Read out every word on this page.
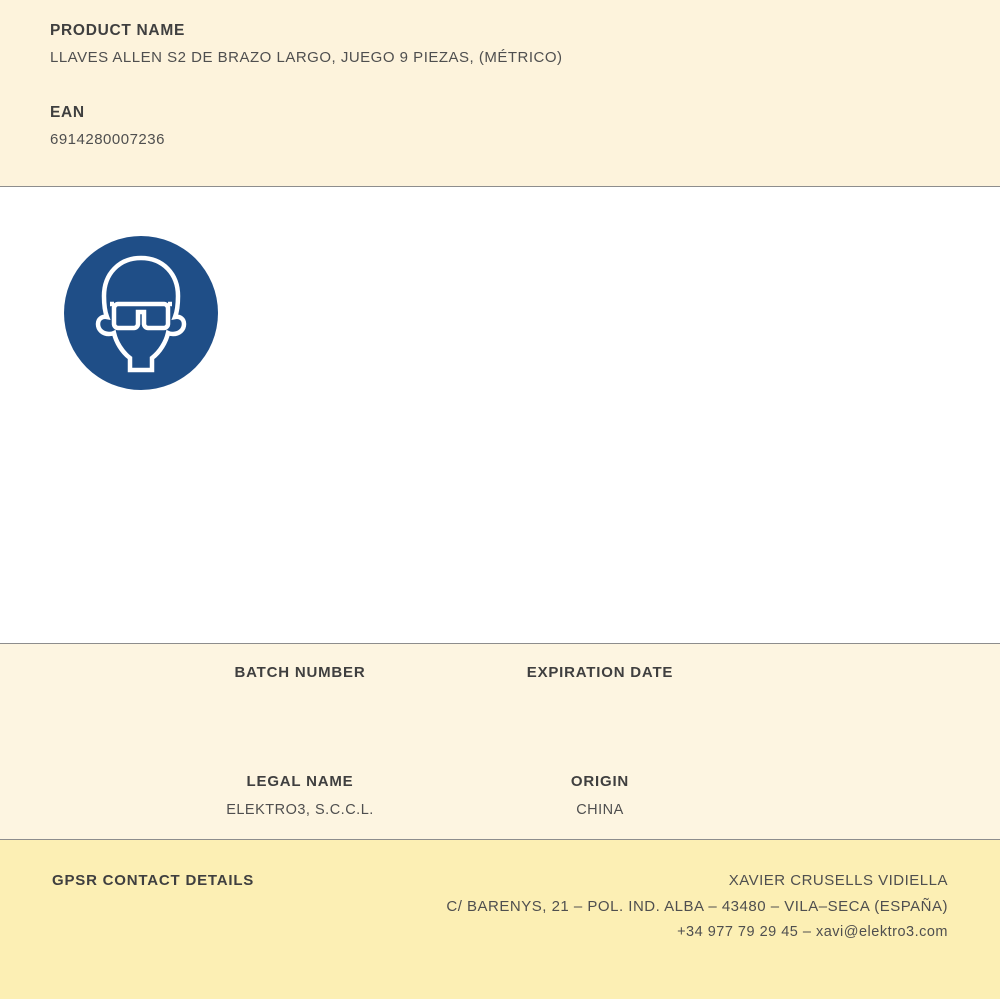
PRODUCT NAME

LLAVES ALLEN S2 DE BRAZO LARGO, JUEGO 9 PIEZAS, (MÉTRICO)

EAN

6914280007236

BATCH NUMBER	EXPIRATION DATE

LEGAL NAME

ELEKTRO3, S.C.C.L.

ORIGIN

CHINA

GPSR CONTACT DETAILS	XAVIER CRUSELLS VIDIELLA

C/ BARENYS, 21 – POL. IND. ALBA – 43480 – VILA–SECA (ESPAÑA)

+34 977 79 29 45 – xavi@elektro3.com
